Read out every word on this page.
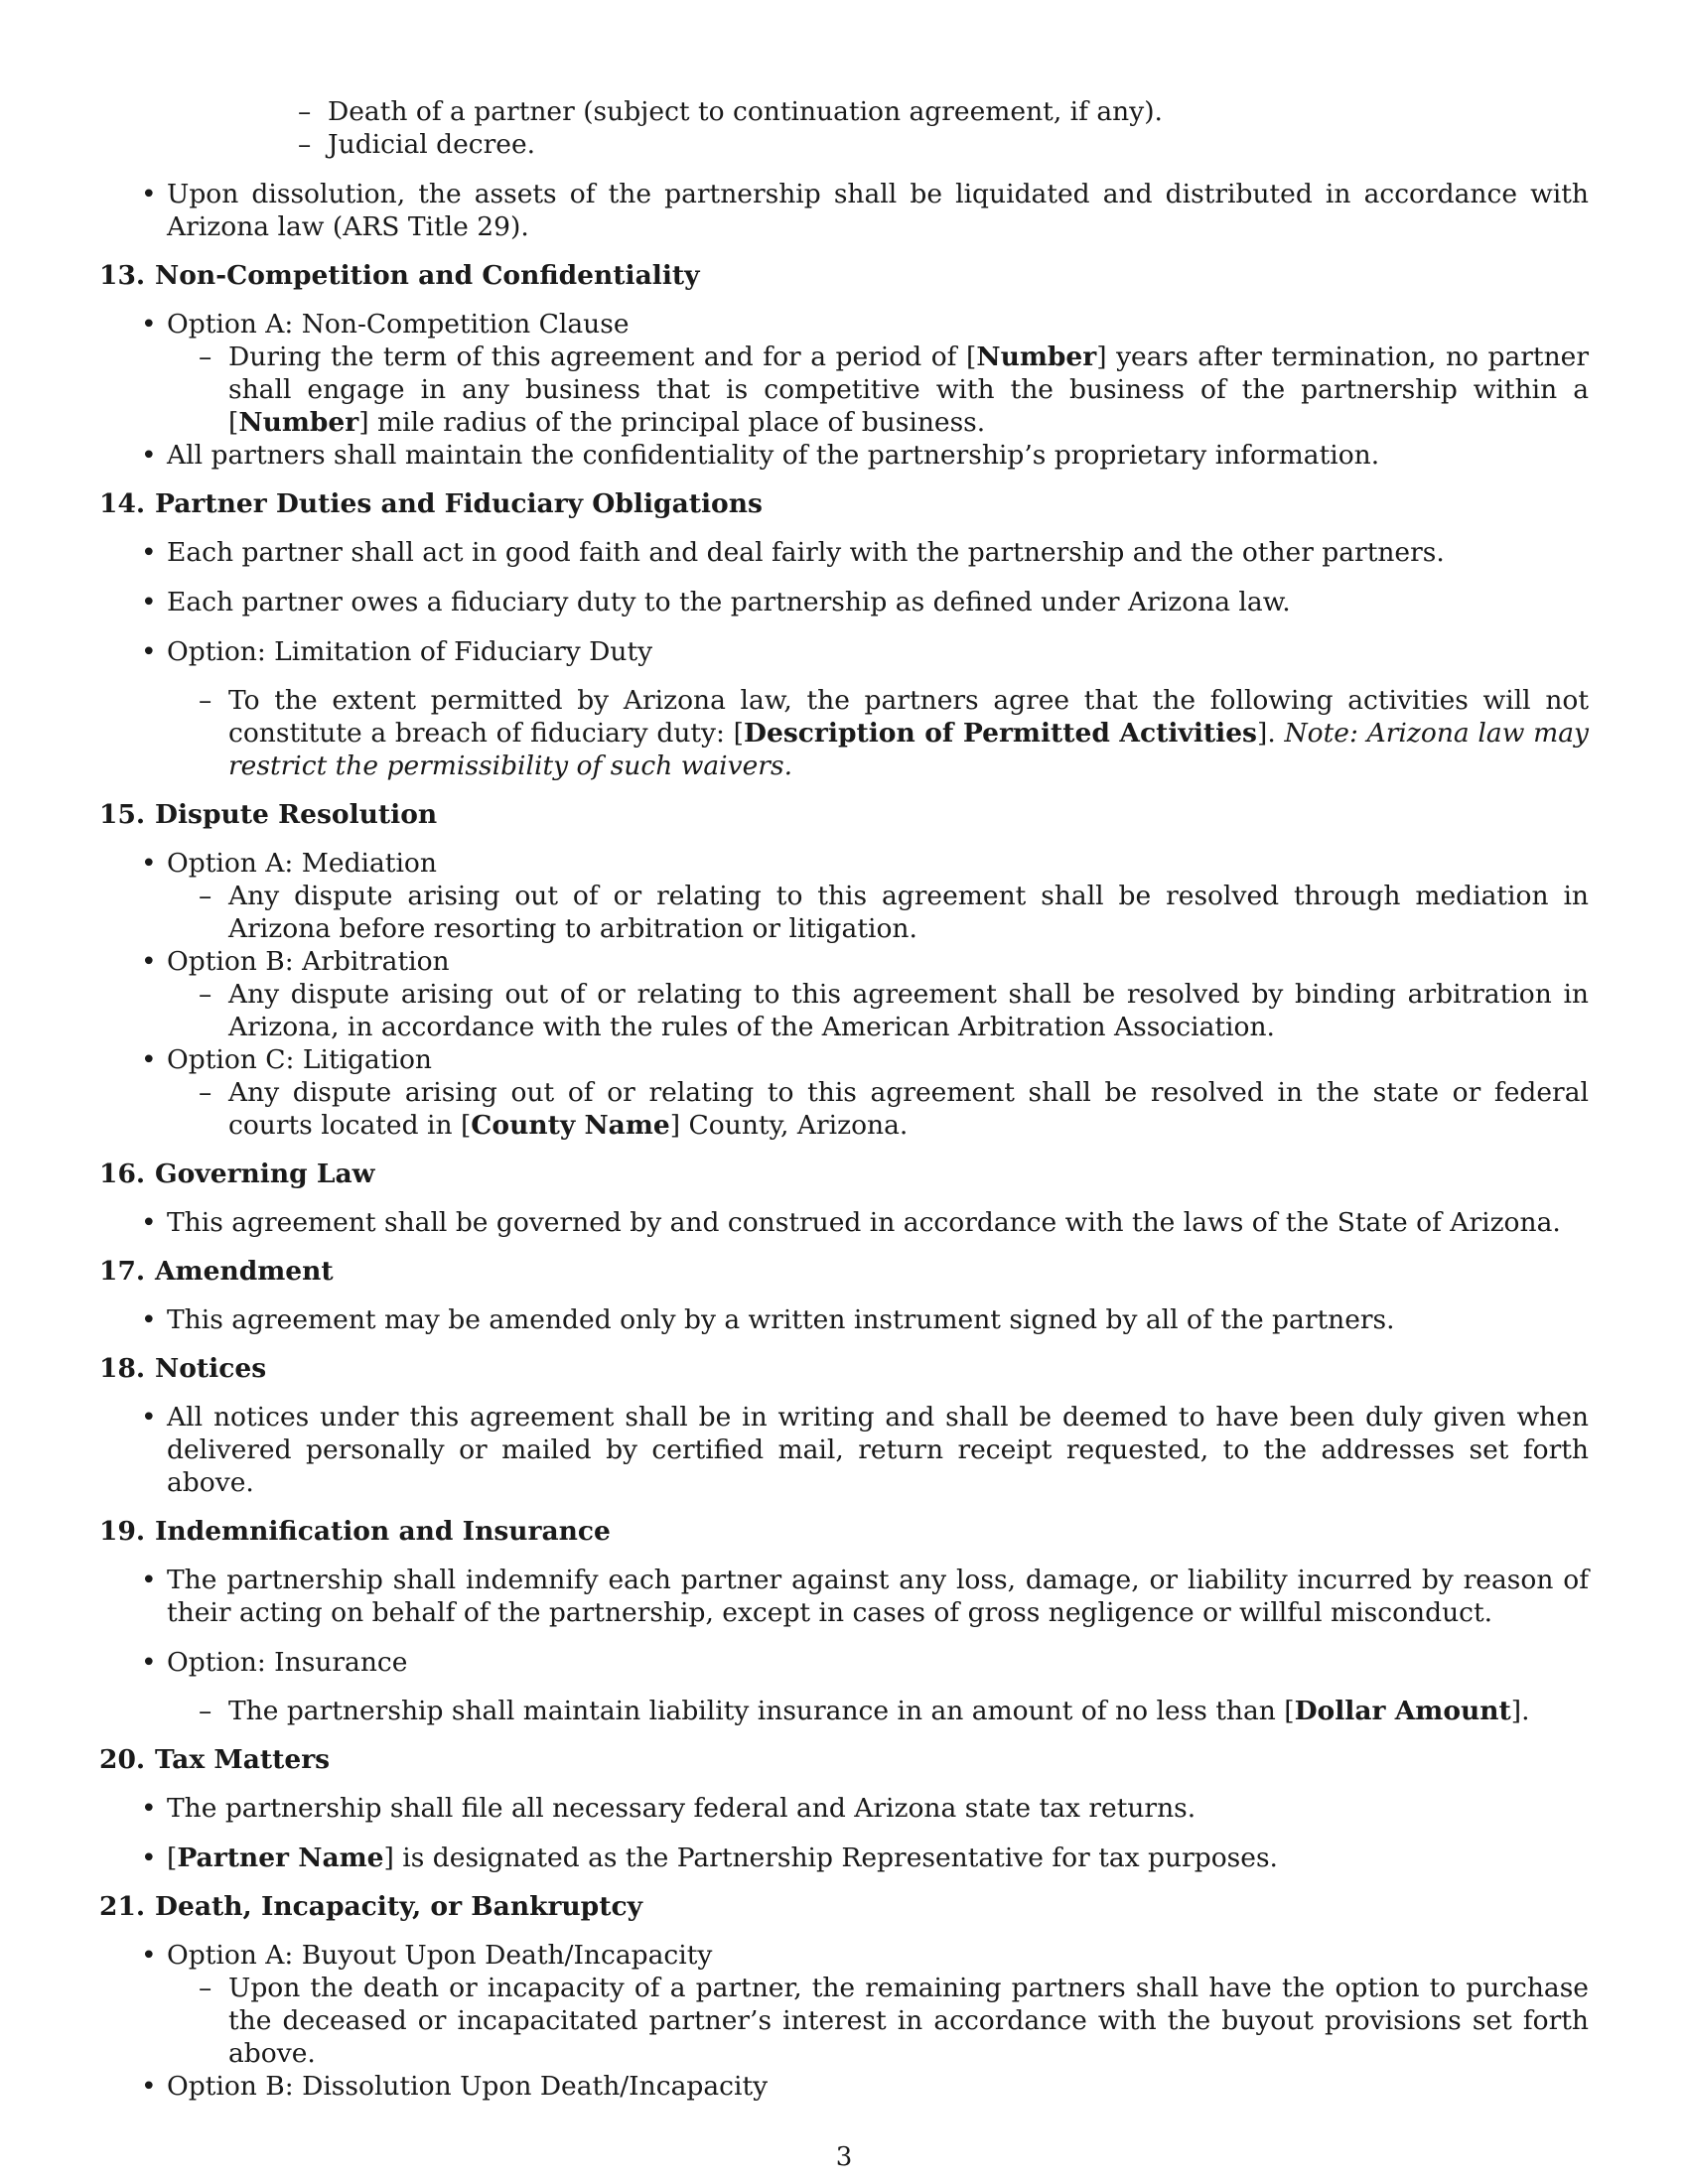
– Death of a partner (subject to continuation agreement, if any).
– Judicial decree.
Upon dissolution, the assets of the partnership shall be liquidated and distributed in accordance with Arizona law (ARS Title 29).
13. Non-Competition and Confidentiality
Option A: Non-Competition Clause
– During the term of this agreement and for a period of [Number] years after termination, no partner shall engage in any business that is competitive with the business of the partnership within a [Number] mile radius of the principal place of business.
All partners shall maintain the confidentiality of the partnership’s proprietary information.
14. Partner Duties and Fiduciary Obligations
Each partner shall act in good faith and deal fairly with the partnership and the other partners.
Each partner owes a fiduciary duty to the partnership as defined under Arizona law.
Option: Limitation of Fiduciary Duty
– To the extent permitted by Arizona law, the partners agree that the following activities will not constitute a breach of fiduciary duty: [Description of Permitted Activities]. Note: Arizona law may restrict the permissibility of such waivers.
15. Dispute Resolution
Option A: Mediation
– Any dispute arising out of or relating to this agreement shall be resolved through mediation in Arizona before resorting to arbitration or litigation.
Option B: Arbitration
– Any dispute arising out of or relating to this agreement shall be resolved by binding arbitration in Arizona, in accordance with the rules of the American Arbitration Association.
Option C: Litigation
– Any dispute arising out of or relating to this agreement shall be resolved in the state or federal courts located in [County Name] County, Arizona.
16. Governing Law
This agreement shall be governed by and construed in accordance with the laws of the State of Arizona.
17. Amendment
This agreement may be amended only by a written instrument signed by all of the partners.
18. Notices
All notices under this agreement shall be in writing and shall be deemed to have been duly given when delivered personally or mailed by certified mail, return receipt requested, to the addresses set forth above.
19. Indemnification and Insurance
The partnership shall indemnify each partner against any loss, damage, or liability incurred by reason of their acting on behalf of the partnership, except in cases of gross negligence or willful misconduct.
Option: Insurance
– The partnership shall maintain liability insurance in an amount of no less than [Dollar Amount].
20. Tax Matters
The partnership shall file all necessary federal and Arizona state tax returns.
[Partner Name] is designated as the Partnership Representative for tax purposes.
21. Death, Incapacity, or Bankruptcy
Option A: Buyout Upon Death/Incapacity
– Upon the death or incapacity of a partner, the remaining partners shall have the option to purchase the deceased or incapacitated partner’s interest in accordance with the buyout provisions set forth above.
Option B: Dissolution Upon Death/Incapacity
3
